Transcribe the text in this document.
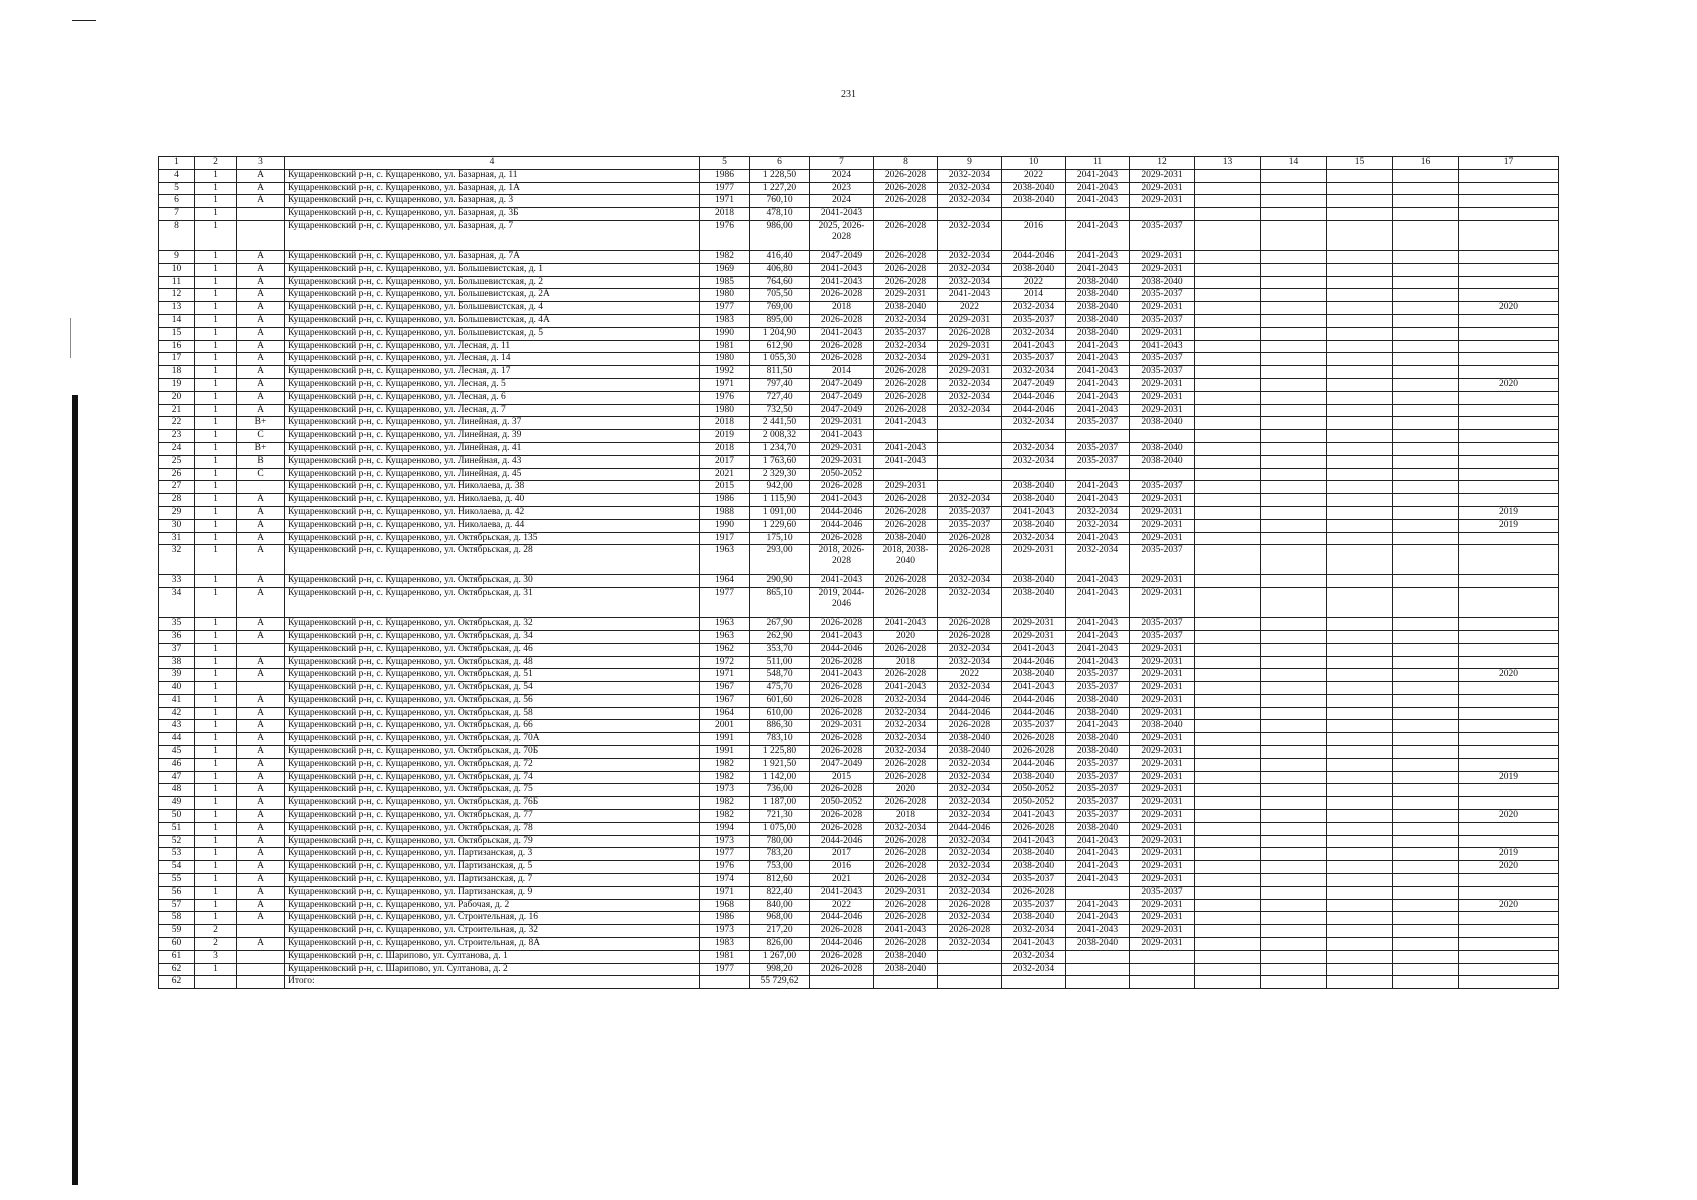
231
1	2	3	4	5	6	7	8	9	10	11	12	13	14	15	16	17
4	1	А	Кущаренковский р-н, с. Кущаренково, ул. Базарная, д. 11	1986	1 228,50	2024	2026-2028	2032-2034	2022	2041-2043	2029-2031					
5	1	А	Кущаренковский р-н, с. Кущаренково, ул. Базарная, д. 1А	1977	1 227,20	2023	2026-2028	2032-2034	2038-2040	2041-2043	2029-2031					
6	1	А	Кущаренковский р-н, с. Кущаренково, ул. Базарная, д. 3	1971	760,10	2024	2026-2028	2032-2034	2038-2040	2041-2043	2029-2031					
7	1		Кущаренковский р-н, с. Кущаренково, ул. Базарная, д. 3Б	2018	478,10	2041-2043										
8	1		Кущаренковский р-н, с. Кущаренково, ул. Базарная, д. 7	1976	986,00	2025, 2026-2028	2026-2028	2032-2034	2016	2041-2043	2035-2037					
9	1	А	Кущаренковский р-н, с. Кущаренково, ул. Базарная, д. 7А	1982	416,40	2047-2049	2026-2028	2032-2034	2044-2046	2041-2043	2029-2031					
10	1	А	Кущаренковский р-н, с. Кущаренково, ул. Большевистская, д. 1	1969	406,80	2041-2043	2026-2028	2032-2034	2038-2040	2041-2043	2029-2031					
11	1	А	Кущаренковский р-н, с. Кущаренково, ул. Большевистская, д. 2	1985	764,60	2041-2043	2026-2028	2032-2034	2022	2038-2040	2038-2040					
12	1	А	Кущаренковский р-н, с. Кущаренково, ул. Большевистская, д. 2А	1980	705,50	2026-2028	2029-2031	2041-2043	2014	2038-2040	2035-2037					
13	1	А	Кущаренковский р-н, с. Кущаренково, ул. Большевистская, д. 4	1977	769,00	2018	2038-2040	2022	2032-2034	2038-2040	2029-2031					2020
14	1	А	Кущаренковский р-н, с. Кущаренково, ул. Большевистская, д. 4А	1983	895,00	2026-2028	2032-2034	2029-2031	2035-2037	2038-2040	2035-2037					
15	1	А	Кущаренковский р-н, с. Кущаренково, ул. Большевистская, д. 5	1990	1 204,90	2041-2043	2035-2037	2026-2028	2032-2034	2038-2040	2029-2031					
16	1	А	Кущаренковский р-н, с. Кущаренково, ул. Лесная, д. 11	1981	612,90	2026-2028	2032-2034	2029-2031	2041-2043	2041-2043	2041-2043					
17	1	А	Кущаренковский р-н, с. Кущаренково, ул. Лесная, д. 14	1980	1 055,30	2026-2028	2032-2034	2029-2031	2035-2037	2041-2043	2035-2037					
18	1	А	Кущаренковский р-н, с. Кущаренково, ул. Лесная, д. 17	1992	811,50	2014	2026-2028	2029-2031	2032-2034	2041-2043	2035-2037					
19	1	А	Кущаренковский р-н, с. Кущаренково, ул. Лесная, д. 5	1971	797,40	2047-2049	2026-2028	2032-2034	2047-2049	2041-2043	2029-2031					2020
20	1	А	Кущаренковский р-н, с. Кущаренково, ул. Лесная, д. 6	1976	727,40	2047-2049	2026-2028	2032-2034	2044-2046	2041-2043	2029-2031					
21	1	А	Кущаренковский р-н, с. Кущаренково, ул. Лесная, д. 7	1980	732,50	2047-2049	2026-2028	2032-2034	2044-2046	2041-2043	2029-2031					
22	1	В+	Кущаренковский р-н, с. Кущаренково, ул. Линейная, д. 37	2018	2 441,50	2029-2031	2041-2043		2032-2034	2035-2037	2038-2040					
23	1	С	Кущаренковский р-н, с. Кущаренково, ул. Линейная, д. 39	2019	2 008,32	2041-2043										
24	1	В+	Кущаренковский р-н, с. Кущаренково, ул. Линейная, д. 41	2018	1 234,70	2029-2031	2041-2043		2032-2034	2035-2037	2038-2040					
25	1	В	Кущаренковский р-н, с. Кущаренково, ул. Линейная, д. 43	2017	1 763,60	2029-2031	2041-2043		2032-2034	2035-2037	2038-2040					
26	1	С	Кущаренковский р-н, с. Кущаренково, ул. Линейная, д. 45	2021	2 329,30	2050-2052										
27	1		Кущаренковский р-н, с. Кущаренково, ул. Николаева, д. 38	2015	942,00	2026-2028	2029-2031		2038-2040	2041-2043	2035-2037					
28	1	А	Кущаренковский р-н, с. Кущаренково, ул. Николаева, д. 40	1986	1 115,90	2041-2043	2026-2028	2032-2034	2038-2040	2041-2043	2029-2031					
29	1	А	Кущаренковский р-н, с. Кущаренково, ул. Николаева, д. 42	1988	1 091,00	2044-2046	2026-2028	2035-2037	2041-2043	2032-2034	2029-2031					2019
30	1	А	Кущаренковский р-н, с. Кущаренково, ул. Николаева, д. 44	1990	1 229,60	2044-2046	2026-2028	2035-2037	2038-2040	2032-2034	2029-2031					2019
31	1	А	Кущаренковский р-н, с. Кущаренково, ул. Октябрьская, д. 135	1917	175,10	2026-2028	2038-2040	2026-2028	2032-2034	2041-2043	2029-2031					
32	1	А	Кущаренковский р-н, с. Кущаренково, ул. Октябрьская, д. 28	1963	293,00	2018, 2026-2028	2018, 2038-2040	2026-2028	2029-2031	2032-2034	2035-2037					
33	1	А	Кущаренковский р-н, с. Кущаренково, ул. Октябрьская, д. 30	1964	290,90	2041-2043	2026-2028	2032-2034	2038-2040	2041-2043	2029-2031					
34	1	А	Кущаренковский р-н, с. Кущаренково, ул. Октябрьская, д. 31	1977	865,10	2019, 2044-2046	2026-2028	2032-2034	2038-2040	2041-2043	2029-2031					
35	1	А	Кущаренковский р-н, с. Кущаренково, ул. Октябрьская, д. 32	1963	267,90	2026-2028	2041-2043	2026-2028	2029-2031	2041-2043	2035-2037					
36	1	А	Кущаренковский р-н, с. Кущаренково, ул. Октябрьская, д. 34	1963	262,90	2041-2043	2020	2026-2028	2029-2031	2041-2043	2035-2037					
37	1		Кущаренковский р-н, с. Кущаренково, ул. Октябрьская, д. 46	1962	353,70	2044-2046	2026-2028	2032-2034	2041-2043	2041-2043	2029-2031					
38	1	А	Кущаренковский р-н, с. Кущаренково, ул. Октябрьская, д. 48	1972	511,00	2026-2028	2018	2032-2034	2044-2046	2041-2043	2029-2031					
39	1	А	Кущаренковский р-н, с. Кущаренково, ул. Октябрьская, д. 51	1971	548,70	2041-2043	2026-2028	2022	2038-2040	2035-2037	2029-2031					2020
40	1		Кущаренковский р-н, с. Кущаренково, ул. Октябрьская, д. 54	1967	475,70	2026-2028	2041-2043	2032-2034	2041-2043	2035-2037	2029-2031					
41	1	А	Кущаренковский р-н, с. Кущаренково, ул. Октябрьская, д. 56	1967	601,60	2026-2028	2032-2034	2044-2046	2044-2046	2038-2040	2029-2031					
42	1	А	Кущаренковский р-н, с. Кущаренково, ул. Октябрьская, д. 58	1964	610,00	2026-2028	2032-2034	2044-2046	2044-2046	2038-2040	2029-2031					
43	1	А	Кущаренковский р-н, с. Кущаренково, ул. Октябрьская, д. 66	2001	886,30	2029-2031	2032-2034	2026-2028	2035-2037	2041-2043	2038-2040					
44	1	А	Кущаренковский р-н, с. Кущаренково, ул. Октябрьская, д. 70А	1991	783,10	2026-2028	2032-2034	2038-2040	2026-2028	2038-2040	2029-2031					
45	1	А	Кущаренковский р-н, с. Кущаренково, ул. Октябрьская, д. 70Б	1991	1 225,80	2026-2028	2032-2034	2038-2040	2026-2028	2038-2040	2029-2031					
46	1	А	Кущаренковский р-н, с. Кущаренково, ул. Октябрьская, д. 72	1982	1 921,50	2047-2049	2026-2028	2032-2034	2044-2046	2035-2037	2029-2031					
47	1	А	Кущаренковский р-н, с. Кущаренково, ул. Октябрьская, д. 74	1982	1 142,00	2015	2026-2028	2032-2034	2038-2040	2035-2037	2029-2031					2019
48	1	А	Кущаренковский р-н, с. Кущаренково, ул. Октябрьская, д. 75	1973	736,00	2026-2028	2020	2032-2034	2050-2052	2035-2037	2029-2031					
49	1	А	Кущаренковский р-н, с. Кущаренково, ул. Октябрьская, д. 76Б	1982	1 187,00	2050-2052	2026-2028	2032-2034	2050-2052	2035-2037	2029-2031					
50	1	А	Кущаренковский р-н, с. Кущаренково, ул. Октябрьская, д. 77	1982	721,30	2026-2028	2018	2032-2034	2041-2043	2035-2037	2029-2031					2020
51	1	А	Кущаренковский р-н, с. Кущаренково, ул. Октябрьская, д. 78	1994	1 075,00	2026-2028	2032-2034	2044-2046	2026-2028	2038-2040	2029-2031					
52	1	А	Кущаренковский р-н, с. Кущаренково, ул. Октябрьская, д. 79	1973	780,00	2044-2046	2026-2028	2032-2034	2041-2043	2041-2043	2029-2031					
53	1	А	Кущаренковский р-н, с. Кущаренково, ул. Партизанская, д. 3	1977	783,20	2017	2026-2028	2032-2034	2038-2040	2041-2043	2029-2031					2019
54	1	А	Кущаренковский р-н, с. Кущаренково, ул. Партизанская, д. 5	1976	753,00	2016	2026-2028	2032-2034	2038-2040	2041-2043	2029-2031					2020
55	1	А	Кущаренковский р-н, с. Кущаренково, ул. Партизанская, д. 7	1974	812,60	2021	2026-2028	2032-2034	2035-2037	2041-2043	2029-2031					
56	1	А	Кущаренковский р-н, с. Кущаренково, ул. Партизанская, д. 9	1971	822,40	2041-2043	2029-2031	2032-2034	2026-2028		2035-2037					
57	1	А	Кущаренковский р-н, с. Кущаренково, ул. Рабочая, д. 2	1968	840,00	2022	2026-2028	2026-2028	2035-2037	2041-2043	2029-2031					2020
58	1	А	Кущаренковский р-н, с. Кущаренково, ул. Строительная, д. 16	1986	968,00	2044-2046	2026-2028	2032-2034	2038-2040	2041-2043	2029-2031					
59	2		Кущаренковский р-н, с. Кущаренково, ул. Строительная, д. 32	1973	217,20	2026-2028	2041-2043	2026-2028	2032-2034	2041-2043	2029-2031					
60	2	А	Кущаренковский р-н, с. Кущаренково, ул. Строительная, д. 8А	1983	826,00	2044-2046	2026-2028	2032-2034	2041-2043	2038-2040	2029-2031					
61	3		Кущаренковский р-н, с. Шарипово, ул. Султанова, д. 1	1981	1 267,00	2026-2028	2038-2040		2032-2034							
62	1		Кущаренковский р-н, с. Шарипово, ул. Султанова, д. 2	1977	998,20	2026-2028	2038-2040		2032-2034							
62			Итого:		55 729,62											
